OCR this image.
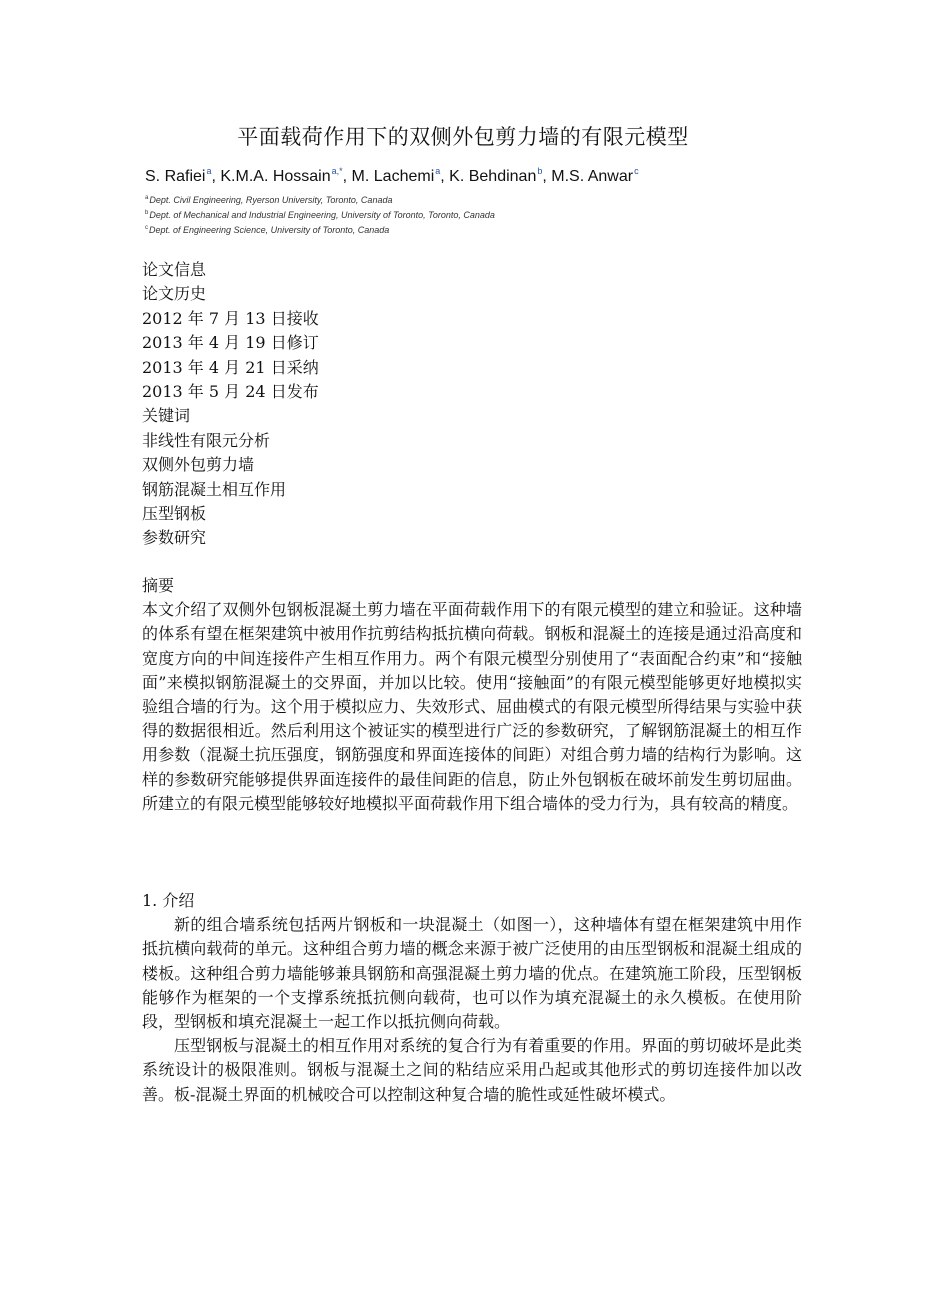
平面载荷作用下的双侧外包剪力墙的有限元模型
S. Rafiei$^a$, K.M.A. Hossain$^{a,*}$, M. Lachemi$^a$, K. Behdinan$^b$, M.S. Anwar$^c$
$^a$Dept. Civil Engineering, Ryerson University, Toronto, Canada
$^b$Dept. of Mechanical and Industrial Engineering, University of Toronto, Toronto, Canada
$^c$Dept. of Engineering Science, University of Toronto, Canada
论文信息
论文历史
2012 年 7 月 13 日接收
2013 年 4 月 19 日修订
2013 年 4 月 21 日采纳
2013 年 5 月 24 日发布
关键词
非线性有限元分析
双侧外包剪力墙
钢筋混凝土相互作用
压型钢板
参数研究
摘要

本文介绍了双侧外包钢板混凝土剪力墙在平面荷载作用下的有限元模型的建立和验证。这种墙的体系有望在框架建筑中被用作抗剪结构抵抗横向荷载。钢板和混凝土的连接是通过沿高度和宽度方向的中间连接件产生相互作用力。两个有限元模型分别使用了“表面配合约束”和“接触面”来模拟钢筋混凝土的交界面，并加以比较。使用“接触面”的有限元模型能够更好地模拟实验组合墙的行为。这个用于模拟应力、失效形式、屈曲模式的有限元模型所得结果与实验中获得的数据很相近。然后利用这个被证实的模型进行广泛的参数研究，了解钢筋混凝土的相互作用参数（混凝土抗压强度，钢筋强度和界面连接体的间距）对组合剪力墙的结构行为影响。这样的参数研究能够提供界面连接件的最佳间距的信息，防止外包钢板在破坏前发生剪切屈曲。所建立的有限元模型能够较好地模拟平面荷载作用下组合墙体的受力行为，具有较高的精度。

1. 介绍

新的组合墙系统包括两片钢板和一块混凝土（如图一），这种墙体有望在框架建筑中用作抵抗横向载荷的单元。这种组合剪力墙的概念来源于被广泛使用的由压型钢板和混凝土组成的楼板。这种组合剪力墙能够兼具钢筋和高强混凝土剪力墙的优点。在建筑施工阶段，压型钢板能够作为框架的一个支撑系统抵抗侧向载荷，也可以作为填充混凝土的永久模板。在使用阶段，型钢板和填充混凝土一起工作以抵抗侧向荷载。

压型钢板与混凝土的相互作用对系统的复合行为有着重要的作用。界面的剪切破坏是此类系统设计的极限准则。钢板与混凝土之间的粘结应采用凸起或其他形式的剪切连接件加以改善。板-混凝土界面的机械咬合可以控制这种复合墙的脆性或延性破坏模式。
